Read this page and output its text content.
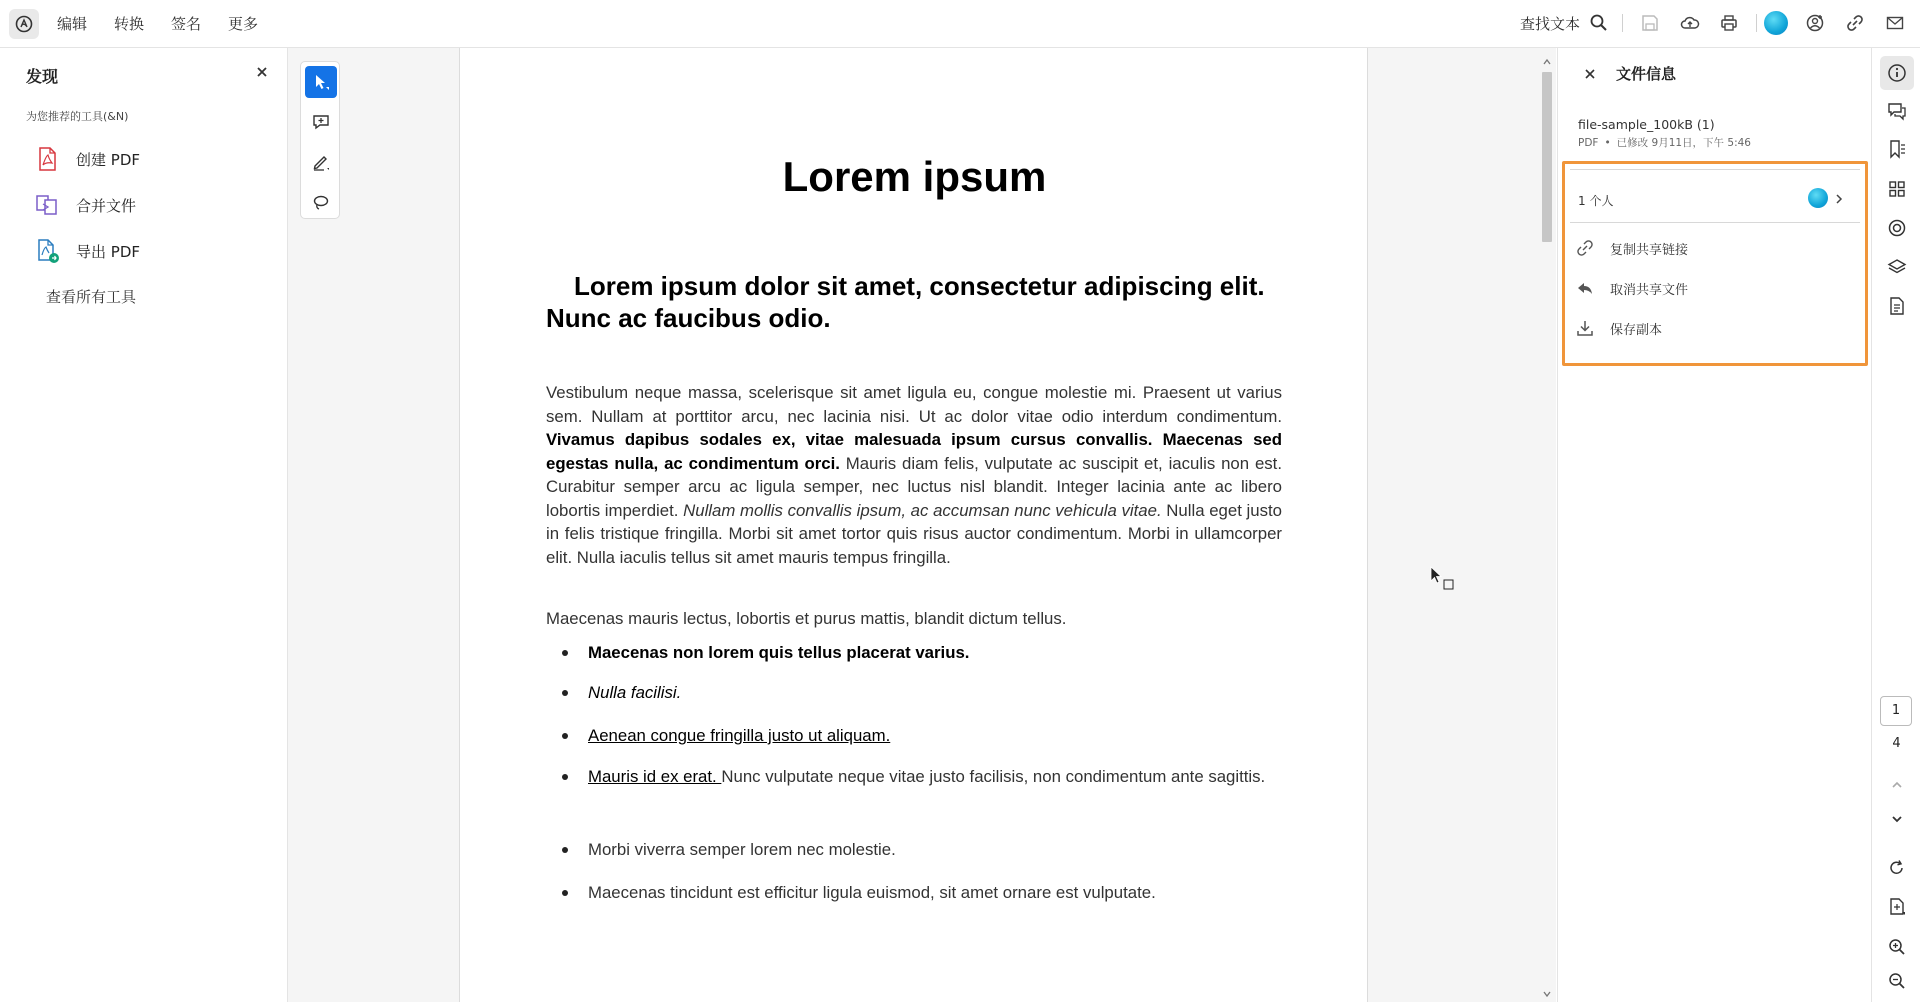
编辑 转换 签名 更多	查找文本
发现
为您推荐的工具(&N)
创建 PDF
合并文件
导出 PDF
查看所有工具
Lorem ipsum
Lorem ipsum dolor sit amet, consectetur adipiscing elit. Nunc ac faucibus odio.
Vestibulum neque massa, scelerisque sit amet ligula eu, congue molestie mi. Praesent ut varius sem. Nullam at porttitor arcu, nec lacinia nisi. Ut ac dolor vitae odio interdum condimentum. Vivamus dapibus sodales ex, vitae malesuada ipsum cursus convallis. Maecenas sed egestas nulla, ac condimentum orci. Mauris diam felis, vulputate ac suscipit et, iaculis non est. Curabitur semper arcu ac ligula semper, nec luctus nisl blandit. Integer lacinia ante ac libero lobortis imperdiet. Nullam mollis convallis ipsum, ac accumsan nunc vehicula vitae. Nulla eget justo in felis tristique fringilla. Morbi sit amet tortor quis risus auctor condimentum. Morbi in ullamcorper elit. Nulla iaculis tellus sit amet mauris tempus fringilla.
Maecenas mauris lectus, lobortis et purus mattis, blandit dictum tellus.
Maecenas non lorem quis tellus placerat varius.
Nulla facilisi.
Aenean congue fringilla justo ut aliquam.
Mauris id ex erat. Nunc vulputate neque vitae justo facilisis, non condimentum ante sagittis.
Morbi viverra semper lorem nec molestie.
Maecenas tincidunt est efficitur ligula euismod, sit amet ornare est vulputate.
文件信息
file-sample_100kB (1)
PDF • 已修改 9月11日，下午 5:46
1 个人
复制共享链接
取消共享文件
保存副本
1
4
